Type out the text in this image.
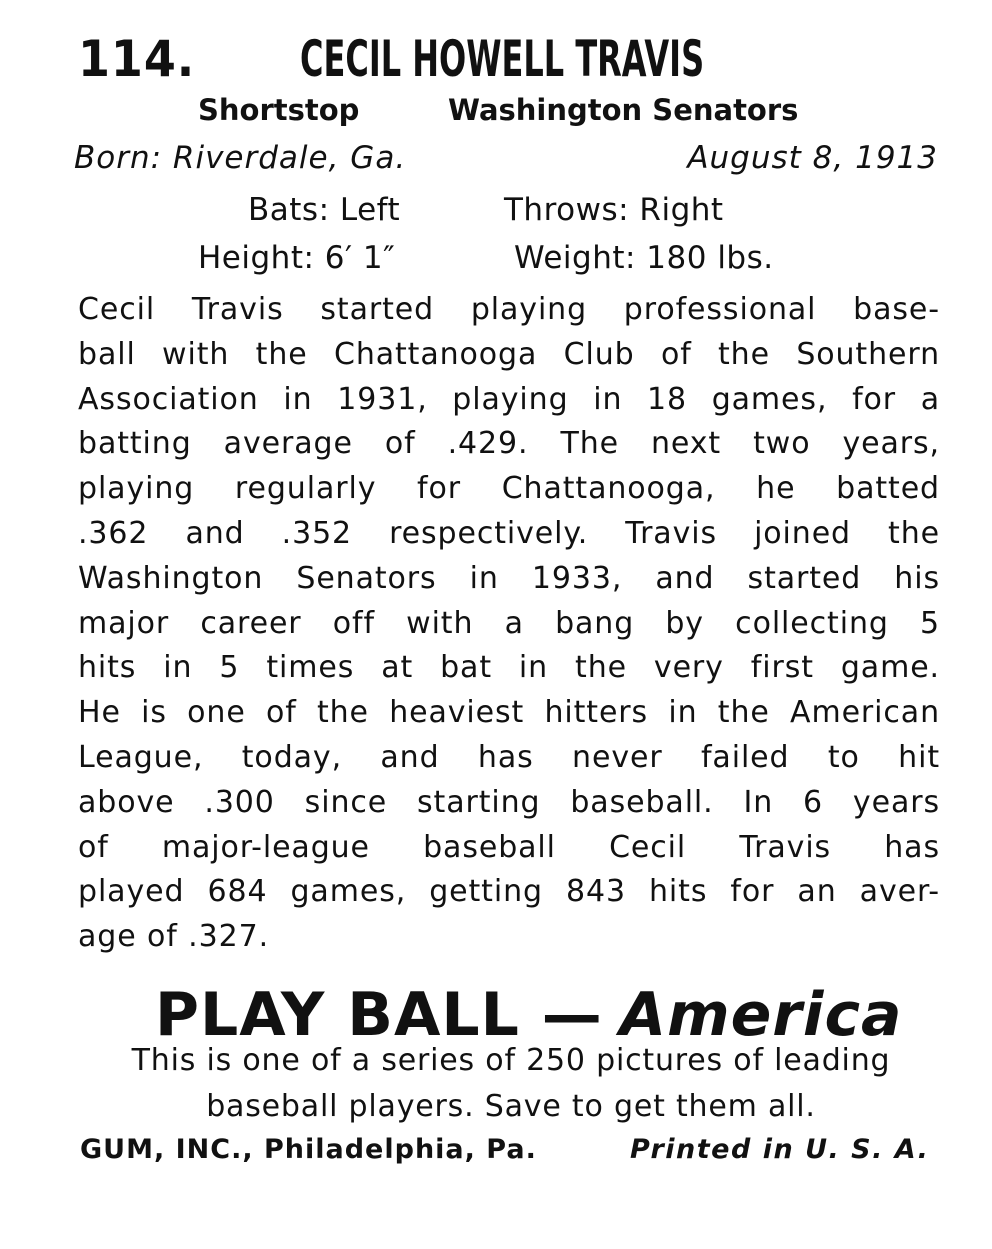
114. CECIL HOWELL TRAVIS
Shortstop	Washington Senators
Born: Riverdale, Ga.	August 8, 1913
Bats: Left	Throws: Right
Height: 6′ 1″	Weight: 180 lbs.
Cecil Travis started playing professional base-
ball with the Chattanooga Club of the Southern
Association in 1931, playing in 18 games, for a
batting average of .429. The next two years,
playing regularly for Chattanooga, he batted
.362 and .352 respectively. Travis joined the
Washington Senators in 1933, and started his
major career off with a bang by collecting 5
hits in 5 times at bat in the very first game.
He is one of the heaviest hitters in the American
League, today, and has never failed to hit
above .300 since starting baseball. In 6 years
of major-league baseball Cecil Travis has
played 684 games, getting 843 hits for an aver-
age of .327.
PLAY BALL — America
This is one of a series of 250 pictures of leading
baseball players. Save to get them all.
GUM, INC., Philadelphia, Pa.	Printed in U. S. A.
